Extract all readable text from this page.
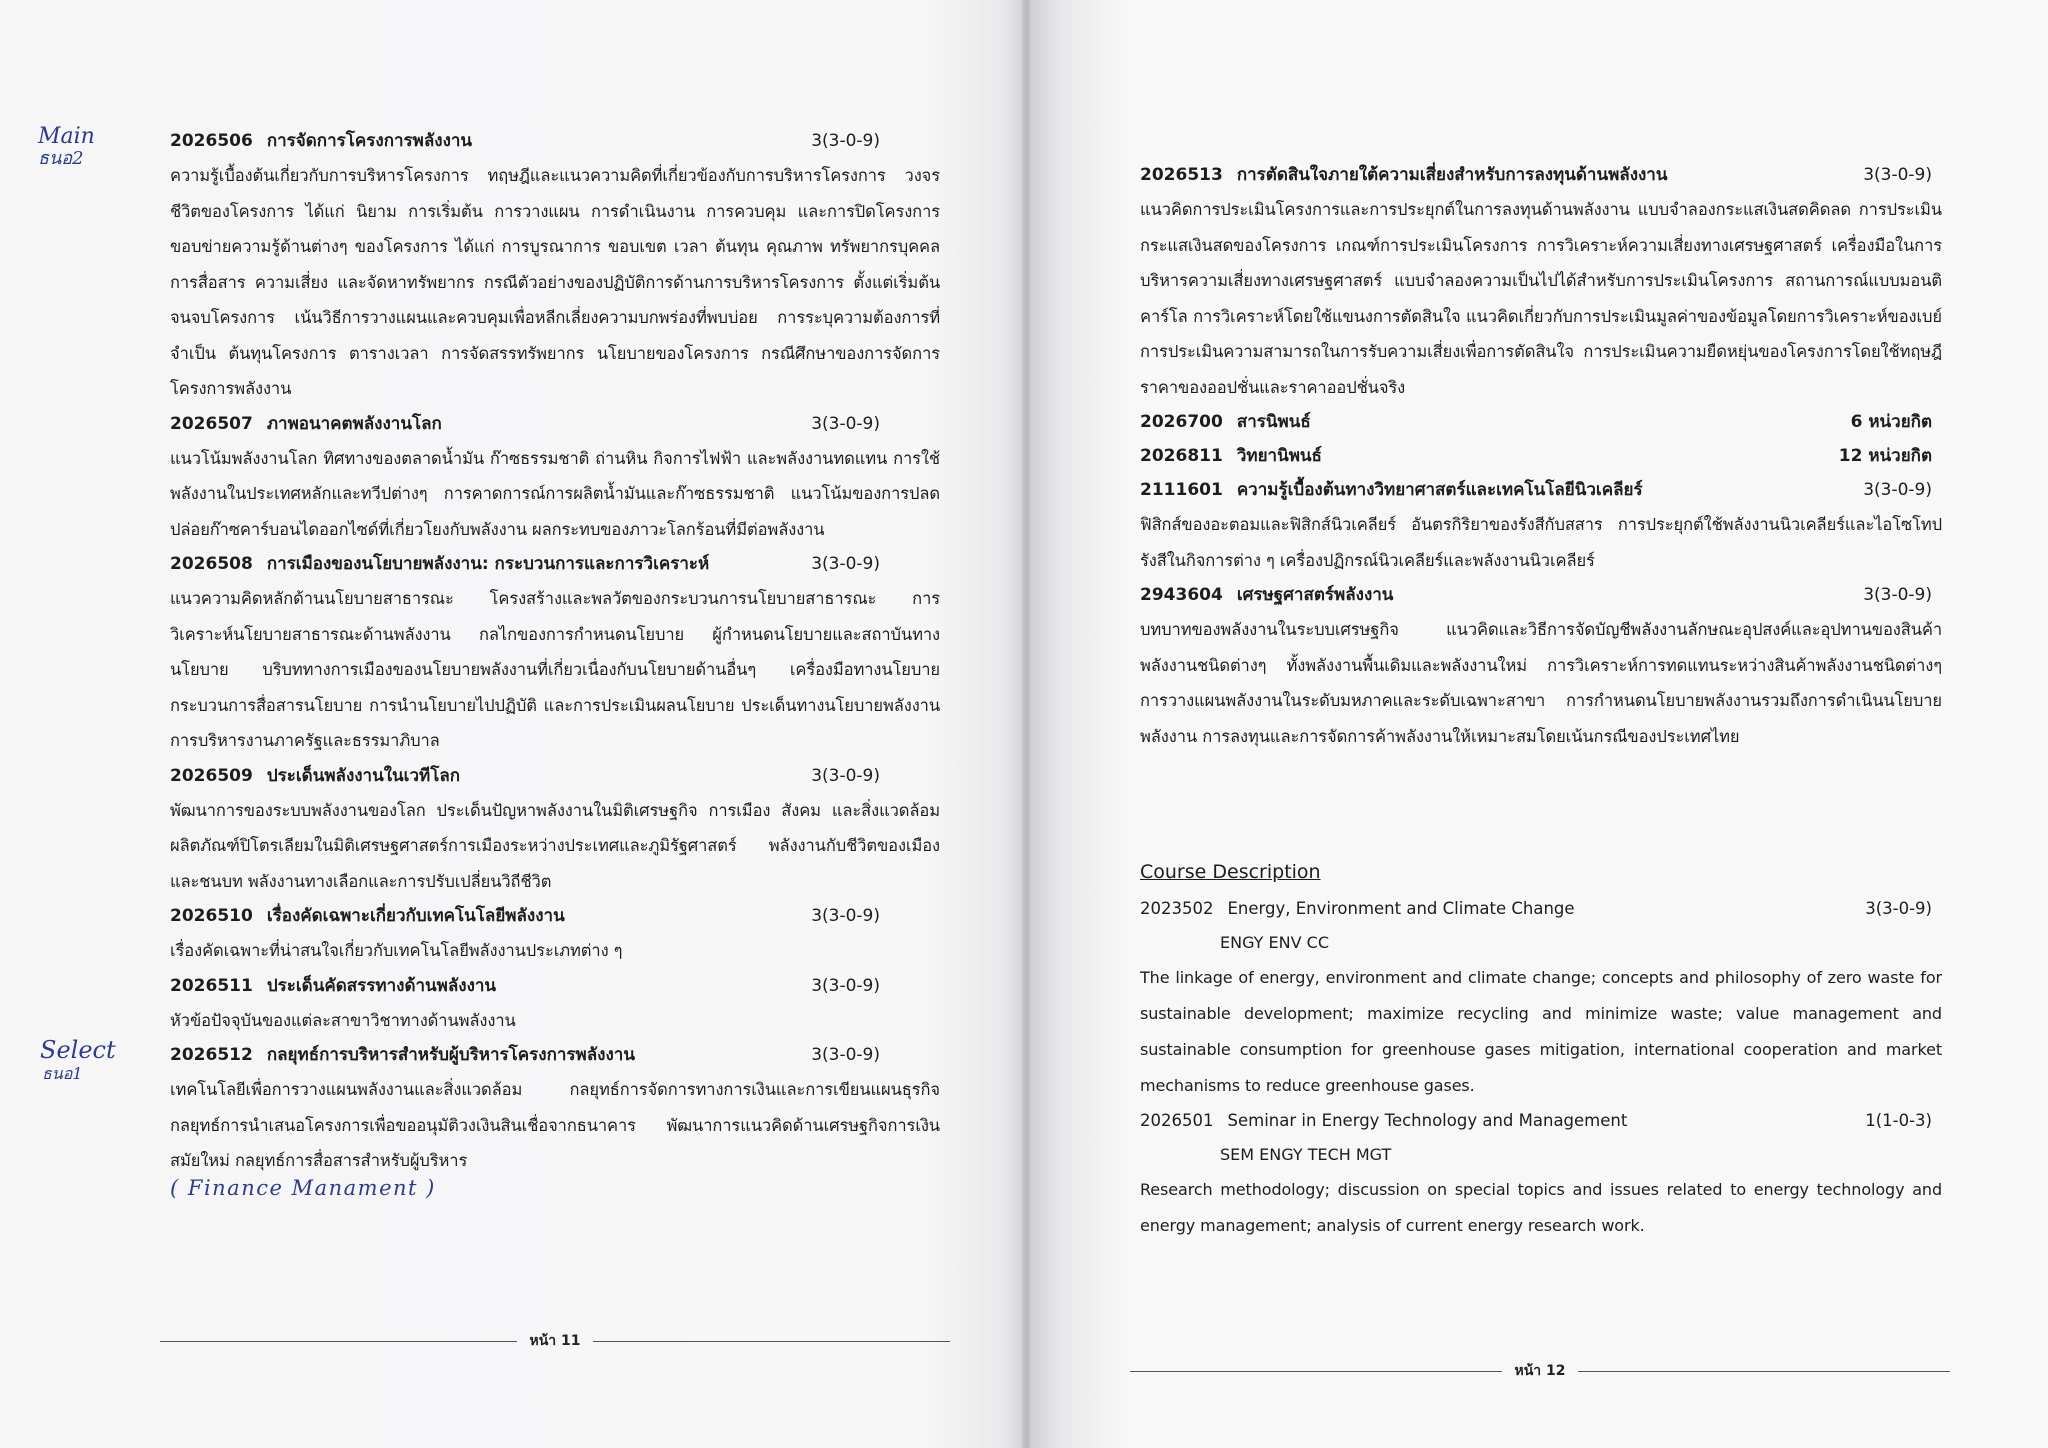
Main
ธนอ2
Select
ธนอ1
( Finance Manament )
2026506 การจัดการโครงการพลังงาน	3(3-0-9)

ความรู้เบื้องต้นเกี่ยวกับการบริหารโครงการ ทฤษฎีและแนวความคิดที่เกี่ยวข้องกับการบริหารโครงการ วงจรชีวิตของโครงการ ได้แก่ นิยาม การเริ่มต้น การวางแผน การดำเนินงาน การควบคุม และการปิดโครงการ ขอบข่ายความรู้ด้านต่างๆ ของโครงการ ได้แก่ การบูรณาการ ขอบเขต เวลา ต้นทุน คุณภาพ ทรัพยากรบุคคล การสื่อสาร ความเสี่ยง และจัดหาทรัพยากร กรณีตัวอย่างของปฏิบัติการด้านการบริหารโครงการ ตั้งแต่เริ่มต้นจนจบโครงการ เน้นวิธีการวางแผนและควบคุมเพื่อหลีกเลี่ยงความบกพร่องที่พบบ่อย การระบุความต้องการที่จำเป็น ต้นทุนโครงการ ตารางเวลา การจัดสรรทรัพยากร นโยบายของโครงการ กรณีศึกษาของการจัดการโครงการพลังงาน

2026507 ภาพอนาคตพลังงานโลก	3(3-0-9)

แนวโน้มพลังงานโลก ทิศทางของตลาดน้ำมัน ก๊าซธรรมชาติ ถ่านหิน กิจการไฟฟ้า และพลังงานทดแทน การใช้พลังงานในประเทศหลักและทวีปต่างๆ การคาดการณ์การผลิตน้ำมันและก๊าซธรรมชาติ แนวโน้มของการปลดปล่อยก๊าซคาร์บอนไดออกไซด์ที่เกี่ยวโยงกับพลังงาน ผลกระทบของภาวะโลกร้อนที่มีต่อพลังงาน

2026508 การเมืองของนโยบายพลังงาน: กระบวนการและการวิเคราะห์	3(3-0-9)

แนวความคิดหลักด้านนโยบายสาธารณะ โครงสร้างและพลวัตของกระบวนการนโยบายสาธารณะ การวิเคราะห์นโยบายสาธารณะด้านพลังงาน กลไกของการกำหนดนโยบาย ผู้กำหนดนโยบายและสถาบันทางนโยบาย บริบททางการเมืองของนโยบายพลังงานที่เกี่ยวเนื่องกับนโยบายด้านอื่นๆ เครื่องมือทางนโยบาย กระบวนการสื่อสารนโยบาย การนำนโยบายไปปฏิบัติ และการประเมินผลนโยบาย ประเด็นทางนโยบายพลังงาน การบริหารงานภาครัฐและธรรมาภิบาล

2026509 ประเด็นพลังงานในเวทีโลก	3(3-0-9)

พัฒนาการของระบบพลังงานของโลก ประเด็นปัญหาพลังงานในมิติเศรษฐกิจ การเมือง สังคม และสิ่งแวดล้อม ผลิตภัณฑ์ปิโตรเลียมในมิติเศรษฐศาสตร์การเมืองระหว่างประเทศและภูมิรัฐศาสตร์ พลังงานกับชีวิตของเมืองและชนบท พลังงานทางเลือกและการปรับเปลี่ยนวิถีชีวิต

2026510 เรื่องคัดเฉพาะเกี่ยวกับเทคโนโลยีพลังงาน	3(3-0-9)

เรื่องคัดเฉพาะที่น่าสนใจเกี่ยวกับเทคโนโลยีพลังงานประเภทต่าง ๆ

2026511 ประเด็นคัดสรรทางด้านพลังงาน	3(3-0-9)

หัวข้อปัจจุบันของแต่ละสาขาวิชาทางด้านพลังงาน

2026512 กลยุทธ์การบริหารสำหรับผู้บริหารโครงการพลังงาน	3(3-0-9)

เทคโนโลยีเพื่อการวางแผนพลังงานและสิ่งแวดล้อม กลยุทธ์การจัดการทางการเงินและการเขียนแผนธุรกิจ กลยุทธ์การนำเสนอโครงการเพื่อขออนุมัติวงเงินสินเชื่อจากธนาคาร พัฒนาการแนวคิดด้านเศรษฐกิจการเงินสมัยใหม่ กลยุทธ์การสื่อสารสำหรับผู้บริหาร

หน้า 11
2026513 การตัดสินใจภายใต้ความเสี่ยงสำหรับการลงทุนด้านพลังงาน	3(3-0-9)

แนวคิดการประเมินโครงการและการประยุกต์ในการลงทุนด้านพลังงาน แบบจำลองกระแสเงินสดคิดลด การประเมินกระแสเงินสดของโครงการ เกณฑ์การประเมินโครงการ การวิเคราะห์ความเสี่ยงทางเศรษฐศาสตร์ เครื่องมือในการบริหารความเสี่ยงทางเศรษฐศาสตร์ แบบจำลองความเป็นไปได้สำหรับการประเมินโครงการ สถานการณ์แบบมอนติคาร์โล การวิเคราะห์โดยใช้แขนงการตัดสินใจ แนวคิดเกี่ยวกับการประเมินมูลค่าของข้อมูลโดยการวิเคราะห์ของเบย์ การประเมินความสามารถในการรับความเสี่ยงเพื่อการตัดสินใจ การประเมินความยืดหยุ่นของโครงการโดยใช้ทฤษฎีราคาของออปชั่นและราคาออปชั่นจริง

2026700 สารนิพนธ์	6 หน่วยกิต
2026811 วิทยานิพนธ์	12 หน่วยกิต
2111601 ความรู้เบื้องต้นทางวิทยาศาสตร์และเทคโนโลยีนิวเคลียร์	3(3-0-9)

ฟิสิกส์ของอะตอมและฟิสิกส์นิวเคลียร์ อันตรกิริยาของรังสีกับสสาร การประยุกต์ใช้พลังงานนิวเคลียร์และไอโซโทปรังสีในกิจการต่าง ๆ เครื่องปฏิกรณ์นิวเคลียร์และพลังงานนิวเคลียร์

2943604 เศรษฐศาสตร์พลังงาน	3(3-0-9)

บทบาทของพลังงานในระบบเศรษฐกิจ แนวคิดและวิธีการจัดบัญชีพลังงานลักษณะอุปสงค์และอุปทานของสินค้าพลังงานชนิดต่างๆ ทั้งพลังงานพื้นเดิมและพลังงานใหม่ การวิเคราะห์การทดแทนระหว่างสินค้าพลังงานชนิดต่างๆ การวางแผนพลังงานในระดับมหภาคและระดับเฉพาะสาขา การกำหนดนโยบายพลังงานรวมถึงการดำเนินนโยบายพลังงาน การลงทุนและการจัดการค้าพลังงานให้เหมาะสมโดยเน้นกรณีของประเทศไทย

Course Description
2023502 Energy, Environment and Climate Change	3(3-0-9)
ENGY ENV CC

The linkage of energy, environment and climate change; concepts and philosophy of zero waste for sustainable development; maximize recycling and minimize waste; value management and sustainable consumption for greenhouse gases mitigation, international cooperation and market mechanisms to reduce greenhouse gases.

2026501 Seminar in Energy Technology and Management	1(1-0-3)
SEM ENGY TECH MGT

Research methodology; discussion on special topics and issues related to energy technology and energy management; analysis of current energy research work.

หน้า 12
